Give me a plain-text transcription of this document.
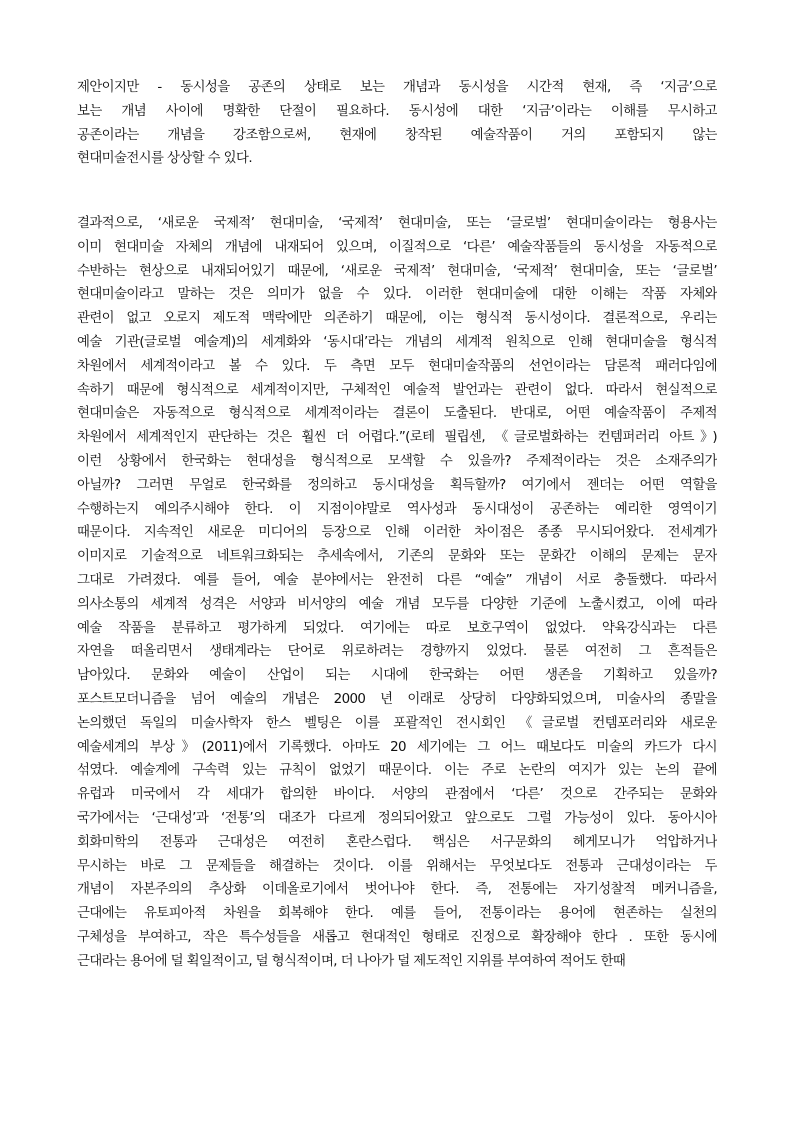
제안이지만 - 동시성을 공존의 상태로 보는 개념과 동시성을 시간적 현재, 즉 ‘지금’으로
보는 개념 사이에 명확한 단절이 필요하다. 동시성에 대한 ‘지금’이라는 이해를 무시하고
공존이라는 개념을 강조함으로써, 현재에 창작된 예술작품이 거의 포함되지 않는
현대미술전시를 상상할 수 있다.
결과적으로, ‘새로운 국제적’ 현대미술, ‘국제적’ 현대미술, 또는 ‘글로벌’ 현대미술이라는 형용사는
이미 현대미술 자체의 개념에 내재되어 있으며, 이질적으로 ‘다른’ 예술작품들의 동시성을 자동적으로
수반하는 현상으로 내재되어있기 때문에, ‘새로운 국제적’ 현대미술, ‘국제적’ 현대미술, 또는 ‘글로벌’
현대미술이라고 말하는 것은 의미가 없을 수 있다. 이러한 현대미술에 대한 이해는 작품 자체와
관련이 없고 오로지 제도적 맥락에만 의존하기 때문에, 이는 형식적 동시성이다. 결론적으로, 우리는
예술 기관(글로벌 예술계)의 세계화와 ‘동시대’라는 개념의 세계적 원칙으로 인해 현대미술을 형식적
차원에서 세계적이라고 볼 수 있다. 두 측면 모두 현대미술작품의 선언이라는 담론적 패러다임에
속하기 때문에 형식적으로 세계적이지만, 구체적인 예술적 발언과는 관련이 없다. 따라서 현실적으로
현대미술은 자동적으로 형식적으로 세계적이라는 결론이 도출된다. 반대로, 어떤 예술작품이 주제적
차원에서 세계적인지 판단하는 것은 훨씬 더 어렵다.”(로테 필립센, 《글로벌화하는 컨템퍼러리 아트》)
이런 상황에서 한국화는 현대성을 형식적으로 모색할 수 있을까? 주제적이라는 것은 소재주의가
아닐까? 그러면 무얼로 한국화를 정의하고 동시대성을 획득할까? 여기에서 젠더는 어떤 역할을
수행하는지 예의주시해야 한다. 이 지점이야말로 역사성과 동시대성이 공존하는 예리한 영역이기
때문이다. 지속적인 새로운 미디어의 등장으로 인해 이러한 차이점은 종종 무시되어왔다. 전세계가
이미지로 기술적으로 네트워크화되는 추세속에서, 기존의 문화와 또는 문화간 이해의 문제는 문자
그대로 가려졌다. 예를 들어, 예술 분야에서는 완전히 다른 “예술” 개념이 서로 충돌했다. 따라서
의사소통의 세계적 성격은 서양과 비서양의 예술 개념 모두를 다양한 기준에 노출시켰고, 이에 따라
예술 작품을 분류하고 평가하게 되었다. 여기에는 따로 보호구역이 없었다. 약육강식과는 다른
자연을 떠올리면서 생태계라는 단어로 위로하려는 경향까지 있었다. 물론 여전히 그 흔적들은
남아있다. 문화와 예술이 산업이 되는 시대에 한국화는 어떤 생존을 기획하고 있을까?
포스트모더니즘을 넘어 예술의 개념은 2000 년 이래로 상당히 다양화되었으며, 미술사의 종말을
논의했던 독일의 미술사학자 한스 벨팅은 이를 포괄적인 전시회인 《글로벌 컨템포러리와 새로운
예술세계의 부상》(2011)에서 기록했다. 아마도 20 세기에는 그 어느 때보다도 미술의 카드가 다시
섞였다. 예술계에 구속력 있는 규칙이 없었기 때문이다. 이는 주로 논란의 여지가 있는 논의 끝에
유럽과 미국에서 각 세대가 합의한 바이다. 서양의 관점에서 ‘다른’ 것으로 간주되는 문화와
국가에서는 ‘근대성’과 ‘전통’의 대조가 다르게 정의되어왔고 앞으로도 그럴 가능성이 있다. 동아시아
회화미학의 전통과 근대성은 여전히 혼란스럽다. 핵심은 서구문화의 헤게모니가 억압하거나
무시하는 바로 그 문제들을 해결하는 것이다. 이를 위해서는 무엇보다도 전통과 근대성이라는 두
개념이 자본주의의 추상화 이데올로기에서 벗어나야 한다. 즉, 전통에는 자기성찰적 메커니즘을,
근대에는 유토피아적 차원을 회복해야 한다. 예를 들어, 전통이라는 용어에 현존하는 실천의
구체성을 부여하고, 작은 특수성들을 새롭고 현대적인 형태로 진정으로 확장해야 한다 . 또한 동시에
근대라는 용어에 덜 획일적이고, 덜 형식적이며, 더 나아가 덜 제도적인 지위를 부여하여 적어도 한때
